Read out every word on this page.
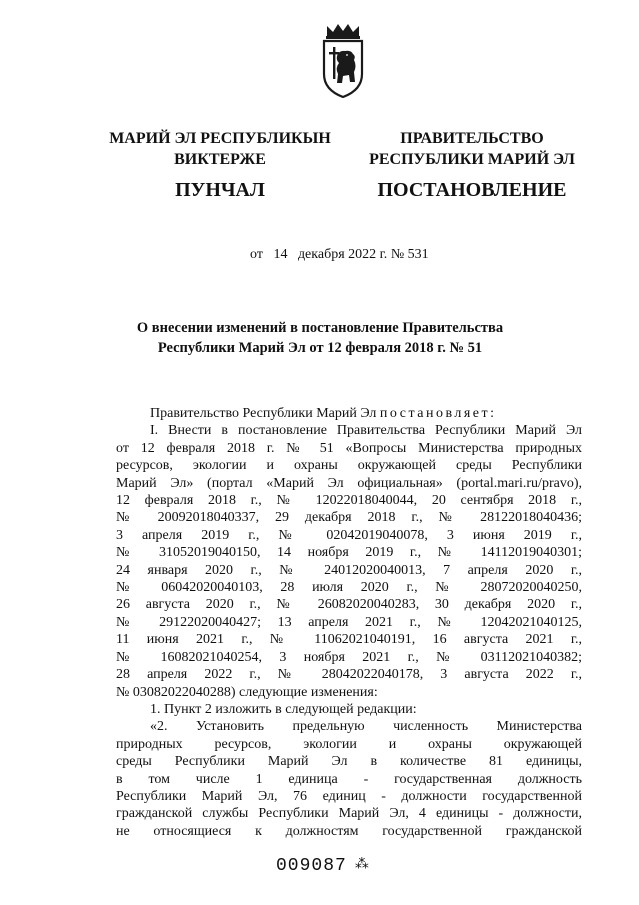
МАРИЙ ЭЛ РЕСПУБЛИКЫН
ВИКТЕРЖЕ
ПУНЧАЛ
ПРАВИТЕЛЬСТВО
РЕСПУБЛИКИ МАРИЙ ЭЛ
ПОСТАНОВЛЕНИЕ
от 14 декабря 2022 г. № 531
О внесении изменений в постановление Правительства
Республики Марий Эл от 12 февраля 2018 г. № 51

Правительство Республики Марий Эл постановляет:

I. Внести в постановление Правительства Республики Марий Эл

от 12 февраля 2018 г. № 51 «Вопросы Министерства природных

ресурсов, экологии и охраны окружающей среды Республики

Марий Эл» (портал «Марий Эл официальная» (portal.mari.ru/pravo),

12 февраля 2018 г., № 12022018040044, 20 сентября 2018 г.,

№ 20092018040337, 29 декабря 2018 г., № 28122018040436;

3 апреля 2019 г., № 02042019040078, 3 июня 2019 г.,

№ 31052019040150, 14 ноября 2019 г., № 14112019040301;

24 января 2020 г., № 24012020040013, 7 апреля 2020 г.,

№ 06042020040103, 28 июля 2020 г., № 28072020040250,

26 августа 2020 г., № 26082020040283, 30 декабря 2020 г.,

№ 29122020040427; 13 апреля 2021 г., № 12042021040125,

11 июня 2021 г., № 11062021040191, 16 августа 2021 г.,

№ 16082021040254, 3 ноября 2021 г., № 03112021040382;

28 апреля 2022 г., № 28042022040178, 3 августа 2022 г.,

№ 03082022040288) следующие изменения:

1. Пункт 2 изложить в следующей редакции:

«2. Установить предельную численность Министерства

природных ресурсов, экологии и охраны окружающей

среды Республики Марий Эл в количестве 81 единицы,

в том числе 1 единица - государственная должность

Республики Марий Эл, 76 единиц - должности государственной

гражданской службы Республики Марий Эл, 4 единицы - должности,

не относящиеся к должностям государственной гражданской

009087 ⁂
